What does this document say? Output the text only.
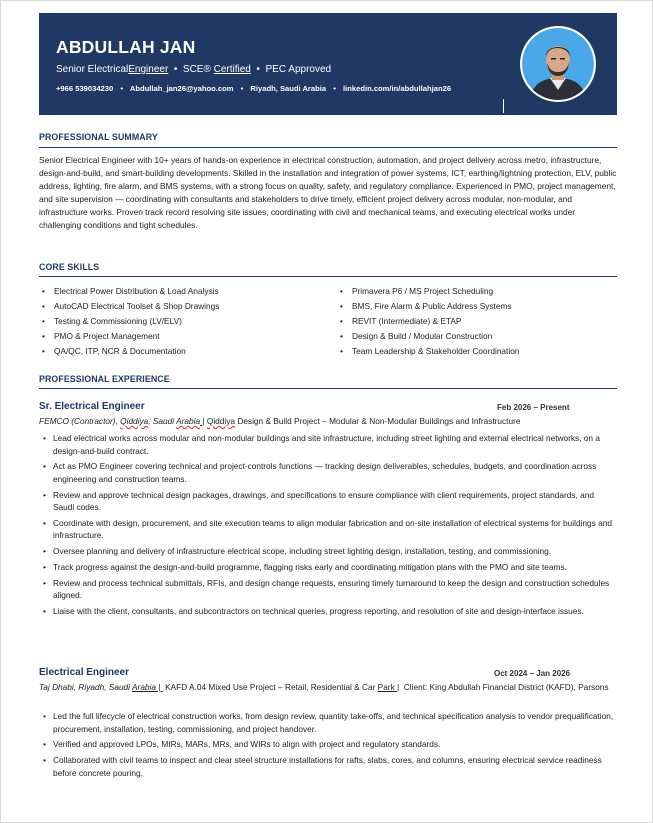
ABDULLAH JAN
Senior ElectricalEngineer  •  SCE® Certified  •  PEC Approved
+966 539034230 • Abdullah_jan26@yahoo.com • Riyadh, Saudi Arabia • linkedin.com/in/abdullahjan26
PROFESSIONAL SUMMARY
Senior Electrical Engineer with 10+ years of hands-on experience in electrical construction, automation, and project delivery across metro, infrastructure, design-and-build, and smart-building developments. Skilled in the installation and integration of power systems, ICT, earthing/lightning protection, ELV, public address, lighting, fire alarm, and BMS systems, with a strong focus on quality, safety, and regulatory compliance. Experienced in PMO, project management, and site supervision — coordinating with consultants and stakeholders to drive timely, efficient project delivery across modular, non-modular, and infrastructure works. Proven track record resolving site issues, coordinating with civil and mechanical teams, and executing electrical works under challenging conditions and tight schedules.
CORE SKILLS
• Electrical Power Distribution & Load Analysis
• AutoCAD Electrical Toolset & Shop Drawings
• Testing & Commissioning (LV/ELV)
• PMO & Project Management
• QA/QC, ITP, NCR & Documentation
• Primavera P6 / MS Project Scheduling
• BMS, Fire Alarm & Public Address Systems
• REVIT (Intermediate) & ETAP
• Design & Build / Modular Construction
• Team Leadership & Stakeholder Coordination
PROFESSIONAL EXPERIENCE
Sr. Electrical Engineer	Feb 2026 – Present
FEMCO (Contractor), Qiddiya, Saudi Arabia | Qiddiya Design & Build Project – Modular & Non-Modular Buildings and Infrastructure
• Lead electrical works across modular and non-modular buildings and site infrastructure, including street lighting and external electrical networks, on a design-and-build contract.
• Act as PMO Engineer covering technical and project-controls functions — tracking design deliverables, schedules, budgets, and coordination across engineering and construction teams.
• Review and approve technical design packages, drawings, and specifications to ensure compliance with client requirements, project standards, and Saudi codes.
• Coordinate with design, procurement, and site execution teams to align modular fabrication and on-site installation of electrical systems for buildings and infrastructure.
• Oversee planning and delivery of infrastructure electrical scope, including street lighting design, installation, testing, and commissioning.
• Track progress against the design-and-build programme, flagging risks early and coordinating mitigation plans with the PMO and site teams.
• Review and process technical submittals, RFIs, and design change requests, ensuring timely turnaround to keep the design and construction schedules aligned.
• Liaise with the client, consultants, and subcontractors on technical queries, progress reporting, and resolution of site and design-interface issues.
Electrical Engineer	Oct 2024 – Jan 2026
Taj Dhabi, Riyadh, Saudi Arabia |  KAFD A.04 Mixed Use Project – Retail, Residential & Car Park |  Client: King Abdullah Financial District (KAFD), Parsons
• Led the full lifecycle of electrical construction works, from design review, quantity take-offs, and technical specification analysis to vendor prequalification, procurement, installation, testing, commissioning, and project handover.
• Verified and approved LPOs, MIRs, MARs, MRs, and WIRs to align with project and regulatory standards.
• Collaborated with civil teams to inspect and clear steel structure installations for rafts, slabs, cores, and columns, ensuring electrical service readiness before concrete pouring.
